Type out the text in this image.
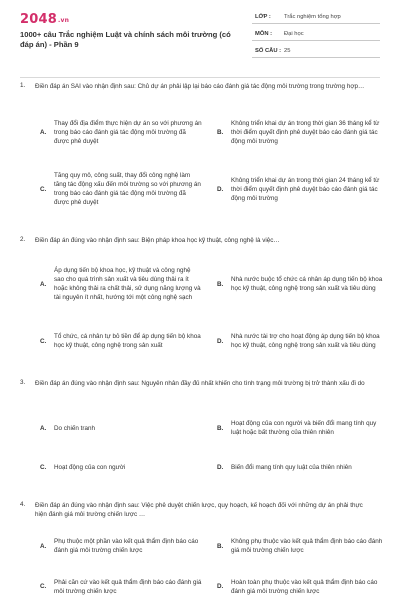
2048.vn
1000+ câu Trắc nghiệm Luật và chính sách môi trường (có đáp án) - Phần 9
LỚP : Trắc nghiệm tổng hợp
MÔN : Đại học
SỐ CÂU : 25
1. Điền đáp án SAI vào nhận định sau: Chủ dự án phải lập lại báo cáo đánh giá tác động môi trường trong trường hợp…
A.
Thay đổi địa điểm thực hiện dự án so với phương án trong báo cáo đánh giá tác động môi trường đã được phê duyệt
B.
Không triển khai dự án trong thời gian 36 tháng kể từ thời điểm quyết định phê duyệt báo cáo đánh giá tác động môi trường
C.
Tăng quy mô, công suất, thay đổi công nghệ làm tăng tác động xấu đến môi trường so với phương án trong báo cáo đánh giá tác động môi trường đã được phê duyệt
D.
Không triển khai dự án trong thời gian 24 tháng kể từ thời điểm quyết định phê duyệt báo cáo đánh giá tác động môi trường
2. Điền đáp án đúng vào nhận định sau: Biện pháp khoa học kỹ thuật, công nghệ là việc…
A.
Áp dụng tiến bộ khoa học, kỹ thuật và công nghệ sao cho quá trình sản xuất và tiêu dùng thải ra ít hoặc không thải ra chất thải, sử dụng năng lượng và tài nguyên ít nhất, hướng tới một công nghệ sạch
B.
Nhà nước buộc tổ chức cá nhân áp dụng tiến bộ khoa học kỹ thuật, công nghệ trong sản xuất và tiêu dùng
C.
Tổ chức, cá nhân tự bỏ tiền để áp dụng tiến bộ khoa học kỹ thuật, công nghệ trong sản xuất
D.
Nhà nước tài trợ cho hoạt động áp dụng tiến bộ khoa học kỹ thuật, công nghệ trong sản xuất và tiêu dùng
3. Điền đáp án đúng vào nhận định sau: Nguyên nhân đầy đủ nhất khiến cho tình trạng môi trường bị trở thành xấu đi do
A.	Do chiến tranh	B.
Hoạt động của con người và biến đổi mang tính quy luật hoặc bất thường của thiên nhiên
C.	Hoạt động của con người	D.	Biến đổi mang tính quy luật của thiên nhiên
4. Điền đáp án đúng vào nhận định sau: Việc phê duyệt chiến lược, quy hoạch, kế hoạch đối với những dự án phải thực hiện đánh giá môi trường chiến lược …
A.
Phụ thuộc một phần vào kết quả thẩm định báo cáo đánh giá môi trường chiến lược
B.
Không phụ thuộc vào kết quả thẩm định báo cáo đánh giá môi trường chiến lược
C.
Phải căn cứ vào kết quả thẩm định báo cáo đánh giá môi trường chiến lược
D.
Hoàn toàn phụ thuộc vào kết quả thẩm định báo cáo đánh giá môi trường chiến lược
